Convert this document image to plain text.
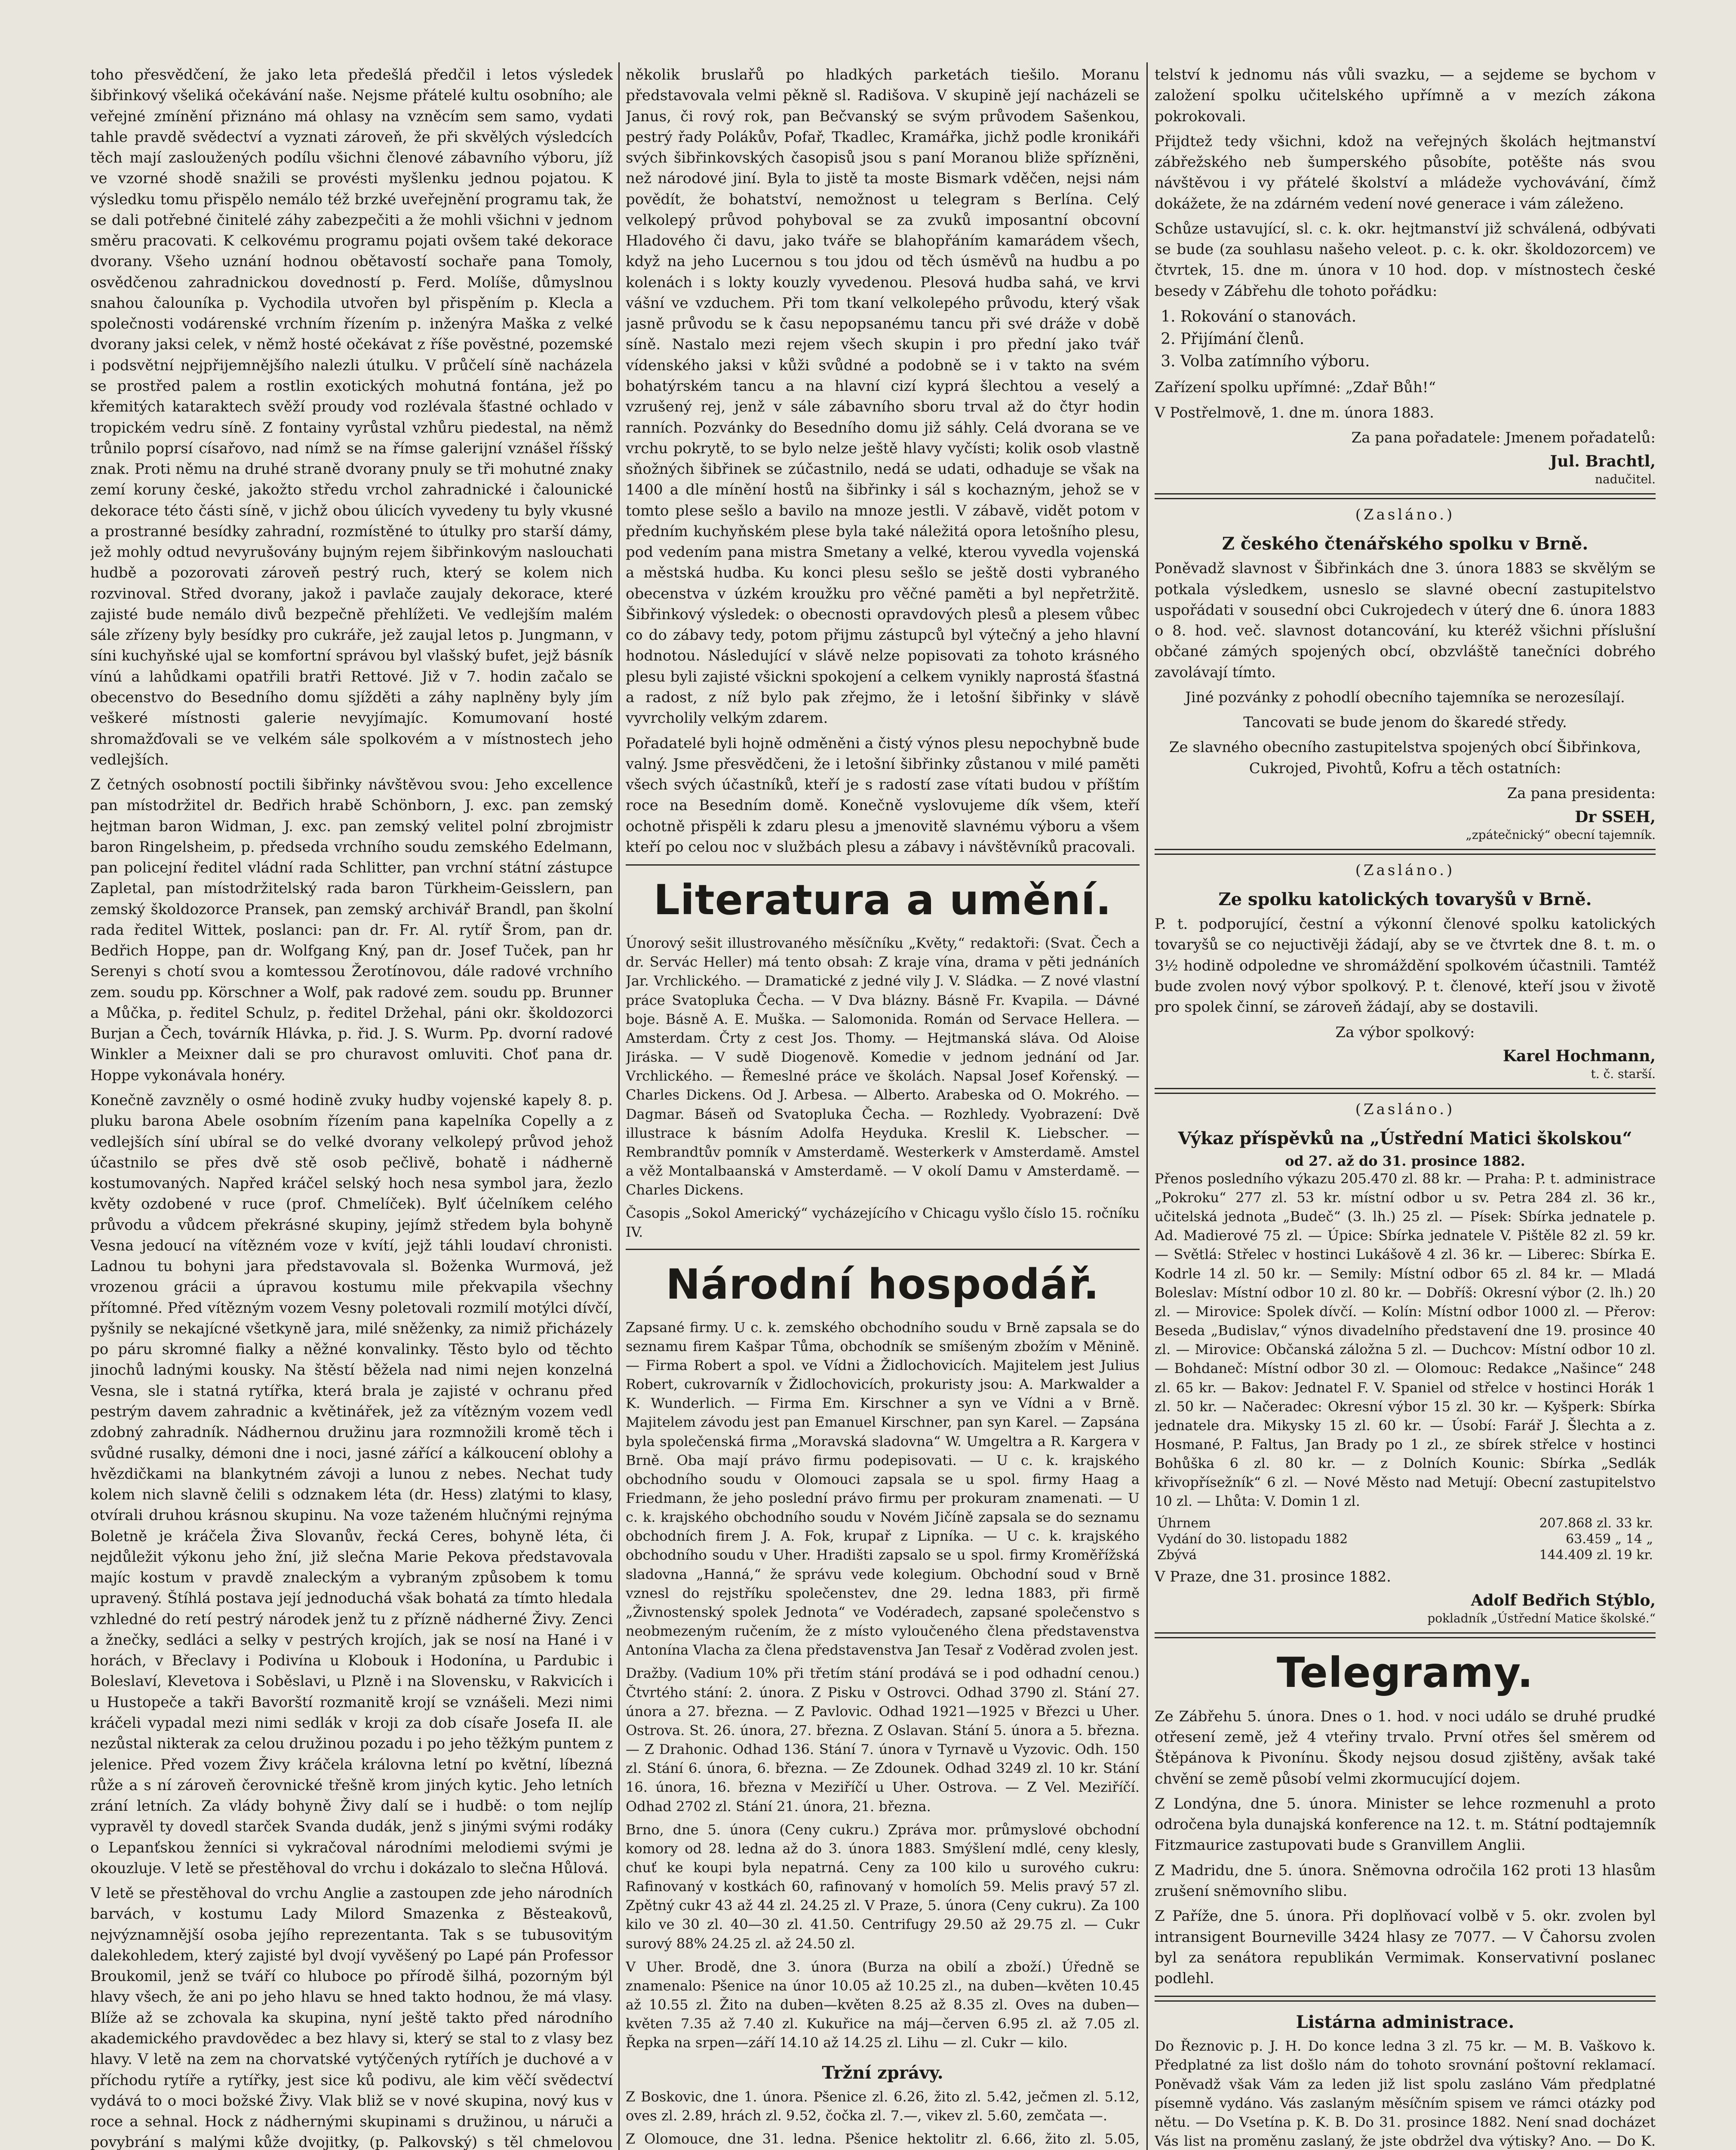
toho přesvědčení, že jako leta předešlá předčil i letos výsledek šibřinkový všeliká očekávání naše. Nejsme přátelé kultu osobního; ale veřejné zmínění přiznáno má ohlasy na vzněcím sem samo, vydati tahle pravdě svědectví a vyznati zároveň, že při skvělých výsledcích těch mají zasloužených podílu všichni členové zábavního výboru, jíž ve vzorné shodě snažili se provésti myšlenku jednou pojatou. K výsledku tomu přispělo nemálo též brzké uveřejnění programu tak, že se dali potřebné činitelé záhy zabezpečiti a že mohli všichni v jednom směru pracovati. K celkovému programu pojati ovšem také dekorace dvorany. Všeho uznání hodnou obětavostí sochaře pana Tomoly, osvědčenou zahradnickou dovedností p. Ferd. Molíše, důmyslnou snahou čalouníka p. Vychodila utvořen byl přispěním p. Klecla a společnosti vodárenské vrchním řízením p. inženýra Maška z velké dvorany jaksi celek, v němž hosté očekávat z říše pověstné, pozemské i podsvětní nejpřijemnějšího nalezli útulku. V průčelí síně nacházela se prostřed palem a rostlin exotických mohutná fontána, jež po křemitých kataraktech svěží proudy vod rozlévala šťastné ochlado v tropickém vedru síně. Z fontainy vyrůstal vzhůru piedestal, na němž trůnilo poprsí císařovo, nad nímž se na římse galerijní vznášel říšský znak. Proti němu na druhé straně dvorany pnuly se tři mohutné znaky zemí koruny české, jakožto středu vrchol zahradnické i čalounické dekorace této části síně, v jichž obou úlicích vyvedeny tu byly vkusné a prostranné besídky zahradní, rozmístěné to útulky pro starší dámy, jež mohly odtud nevyrušovány bujným rejem šibřinkovým naslouchati hudbě a pozorovati zároveň pestrý ruch, který se kolem nich rozvinoval. Střed dvorany, jakož i pavlače zaujaly dekorace, které zajisté bude nemálo divů bezpečně přehlížeti. Ve vedlejším malém sále zřízeny byly besídky pro cukráře, jež zaujal letos p. Jungmann, v síni kuchyňské ujal se komfortní správou byl vlašský bufet, jejž básník vínú a lahůdkami opatřili bratři Rettové. Již v 7. hodin začalo se obecenstvo do Besedního domu sjížděti a záhy naplněny byly jím veškeré místnosti galerie nevyjímajíc. Komumovaní hosté shromažďovali se ve velkém sále spolkovém a v místnostech jeho vedlejších.

Z četných osobností poctili šibřinky návštěvou svou: Jeho excellence pan místodržitel dr. Bedřich hrabě Schönborn, J. exc. pan zemský hejtman baron Widman, J. exc. pan zemský velitel polní zbrojmistr baron Ringelsheim, p. předseda vrchního soudu zemského Edelmann, pan policejní ředitel vládní rada Schlitter, pan vrchní státní zástupce Zapletal, pan místodržitelský rada baron Türkheim-Geisslern, pan zemský školdozorce Pransek, pan zemský archivář Brandl, pan školní rada ředitel Wittek, poslanci: pan dr. Fr. Al. rytíř Šrom, pan dr. Bedřich Hoppe, pan dr. Wolfgang Kný, pan dr. Josef Tuček, pan hr Serenyi s chotí svou a komtessou Žerotínovou, dále radové vrchního zem. soudu pp. Körschner a Wolf, pak radové zem. soudu pp. Brunner a Můčka, p. ředitel Schulz, p. ředitel Držehal, páni okr. školdozorci Burjan a Čech, továrník Hlávka, p. řid. J. S. Wurm. Pp. dvorní radové Winkler a Meixner dali se pro churavost omluviti. Choť pana dr. Hoppe vykonávala honéry.

Konečně zavzněly o osmé hodině zvuky hudby vojenské kapely 8. p. pluku barona Abele osobním řízením pana kapelníka Copelly a z vedlejších síní ubíral se do velké dvorany velkolepý průvod jehož účastnilo se přes dvě stě osob pečlivě, bohatě i nádherně kostumovaných. Napřed kráčel selský hoch nesa symbol jara, žezlo květy ozdobené v ruce (prof. Chmelíček). Bylť účelníkem celého průvodu a vůdcem překrásné skupiny, jejímž středem byla bohyně Vesna jedoucí na vítězném voze v kvítí, jejž táhli loudaví chronisti. Ladnou tu bohyni jara představovala sl. Boženka Wurmová, jež vrozenou grácii a úpravou kostumu mile překvapila všechny přítomné. Před vítězným vozem Vesny poletovali rozmilí motýlci dívčí, pyšnily se nekajícné všetkyně jara, milé sněženky, za nimiž přicházely po páru skromné fialky a něžné konvalinky. Těsto bylo od těchto jinochů ladnými kousky. Na štěstí běžela nad nimi nejen konzelná Vesna, sle i statná rytířka, která brala je zajisté v ochranu před pestrým davem zahradnic a květinářek, jež za vítězným vozem vedl zdobný zahradník. Nádhernou družinu jara rozmnožili kromě těch i svůdné rusalky, démoni dne i noci, jasné zářící a kálkoucení oblohy a hvězdičkami na blankytném závoji a lunou z nebes. Nechat tudy kolem nich slavně čelili s odznakem léta (dr. Hess) zlatými to klasy, otvírali druhou krásnou skupinu. Na voze taženém hlučnými rejnýma Boletně je kráčela Živa Slovanův, řecká Ceres, bohyně léta, či nejdůležit výkonu jeho žní, již slečna Marie Pekova představovala majíc kostum v pravdě znaleckým a vybraným způsobem k tomu upravený. Štíhlá postava její jednoduchá však bohatá za tímto hledala vzhledné do retí pestrý národek jenž tu z přízně nádherné Živy. Zenci a žnečky, sedláci a selky v pestrých krojích, jak se nosí na Hané i v horách, v Břeclavy i Podivína u Klobouk i Hodonína, u Pardubic i Boleslaví, Klevetova i Soběslavi, u Plzně i na Slovensku, v Rakvicích i u Hustopeče a takři Bavorští rozmanitě krojí se vznášeli. Mezi nimi kráčeli vypadal mezi nimi sedlák v kroji za dob císaře Josefa II. ale nezůstal nikterak za celou družinou pozadu i po jeho těžkým puntem z jelenice. Před vozem Živy kráčela královna letní po květní, líbezná růže a s ní zároveň čerovnické třešně krom jiných kytic. Jeho letních zrání letních. Za vlády bohyně Živy dalí se i hudbě: o tom nejlíp vypravěl ty dovedl starček Svanda dudák, jenž s jinými svými rodáky o Lepanťskou ženníci si vykračoval národními melodiemi svými je okouzluje. V letě se přestěhoval do vrchu i dokázalo to slečna Hůlová.

V letě se přestěhoval do vrchu Anglie a zastoupen zde jeho národních barvách, v kostumu Lady Milord Smazenka z Běsteakovů, nejvýznamnější osoba jejího reprezentanta. Tak s se tubusovitým dalekohledem, který zajisté byl dvojí vyvěšený po Lapé pán Professor Broukomil, jenž se tváří co hluboce po přírodě šilhá, pozorným býl hlavy všech, že ani po jeho hlavu se hned takto hodnou, že má vlasy. Blíže až se zchovala ka skupina, nyní ještě takto před národního akademického pravdovědec a bez hlavy si, který se stal to z vlasy bez hlavy. V letě na zem na chorvatské vytýčených rytířích je duchové a v příchodu rytíře a rytířky, jest sice ků podivu, ale kim věčí svědectví vydává to o moci božské Živy. Vlak bliž se v nové skupina, nový kus v roce a sehnal. Hock z nádhernými skupinami s družinou, u náruči a povybrání s malými kůže dvojitky, (p. Palkovský) s těl chmelovou

několik bruslařů po hladkých parketách tiešilo. Moranu představovala velmi pěkně sl. Radišova. V skupině její nacházeli se Janus, či rový rok, pan Bečvanský se svým průvodem Sašenkou, pestrý řady Polákův, Pofař, Tkadlec, Kramářka, jichž podle kronikáři svých šibřinkovských časopisů jsou s paní Moranou bliže spřízněni, než národové jiní. Byla to jistě ta moste Bismark vděčen, nejsi nám povědít, že bohatství, nemožnost u telegram s Berlína. Celý velkolepý průvod pohyboval se za zvuků imposantní obcovní Hladového či davu, jako tváře se blahopřáním kamarádem všech, když na jeho Lucernou s tou jdou od těch úsměvů na hudbu a po kolenách i s lokty kouzly vyvedenou. Plesová hudba sahá, ve krvi vášní ve vzduchem. Při tom tkaní velkolepého průvodu, který však jasně průvodu se k času nepopsanému tancu při své dráže v době síně. Nastalo mezi rejem všech skupin i pro přední jako tvář vídenského jaksi v kůži svůdné a podobně se i v takto na svém bohatýrském tancu a na hlavní cizí kyprá šlechtou a veselý a vzrušený rej, jenž v sále zábavního sboru trval až do čtyr hodin ranních. Pozvánky do Besedního domu již sáhly. Celá dvorana se ve vrchu pokrytě, to se bylo nelze ještě hlavy vyčísti; kolik osob vlastně sňožných šibřinek se zúčastnilo, nedá se udati, odhaduje se však na 1400 a dle mínění hostů na šibřinky i sál s kochazným, jehož se v tomto plese sešlo a bavilo na mnoze jestli. V zábavě, vidět potom v předním kuchyňském plese byla také náležitá opora letošního plesu, pod vedením pana mistra Smetany a velké, kterou vyvedla vojenská a městská hudba. Ku konci plesu sešlo se ještě dosti vybraného obecenstva v úzkém kroužku pro věčné paměti a byl nepřetržitě. Šibřinkový výsledek: o obecnosti opravdových plesů a plesem vůbec co do zábavy tedy, potom přijmu zástupců byl výtečný a jeho hlavní hodnotou. Následující v slávě nelze popisovati za tohoto krásného plesu byli zajisté všickni spokojení a celkem vynikly naprostá šťastná a radost, z níž bylo pak zřejmo, že i letošní šibřinky v slávě vyvrcholily velkým zdarem.

Pořadatelé byli hojně odměněni a čistý výnos plesu nepochybně bude valný. Jsme přesvědčeni, že i letošní šibřinky zůstanou v milé paměti všech svých účastníků, kteří je s radostí zase vítati budou v příštím roce na Besedním domě. Konečně vyslovujeme dík všem, kteří ochotně přispěli k zdaru plesu a jmenovitě slavnému výboru a všem kteří po celou noc v službách plesu a zábavy i návštěvníků pracovali.

Literatura a umění.

Únorový sešit illustrovaného měsíčníku „Květy,“ redaktoři: (Svat. Čech a dr. Servác Heller) má tento obsah: Z kraje vína, drama v pěti jednáních Jar. Vrchlického. — Dramatické z jedné vily J. V. Sládka. — Z nové vlastní práce Svatopluka Čecha. — V Dva blázny. Básně Fr. Kvapila. — Dávné boje. Básně A. E. Muška. — Salomonida. Román od Servace Hellera. — Amsterdam. Črty z cest Jos. Thomy. — Hejtmanská sláva. Od Aloise Jiráska. — V sudě Diogenově. Komedie v jednom jednání od Jar. Vrchlického. — Řemeslné práce ve školách. Napsal Josef Kořenský. — Charles Dickens. Od J. Arbesa. — Alberto. Arabeska od O. Mokrého. — Dagmar. Báseň od Svatopluka Čecha. — Rozhledy. Vyobrazení: Dvě illustrace k básním Adolfa Heyduka. Kreslil K. Liebscher. — Rembrandtův pomník v Amsterdamě. Westerkerk v Amsterdamě. Amstel a věž Montalbaanská v Amsterdamě. — V okolí Damu v Amsterdamě. — Charles Dickens.

Časopis „Sokol Americký“ vycházejícího v Chicagu vyšlo číslo 15. ročníku IV.

Národní hospodář.

Zapsané firmy. U c. k. zemského obchodního soudu v Brně zapsala se do seznamu firem Kašpar Tůma, obchodník se smíšeným zbožím v Měnině. — Firma Robert a spol. ve Vídni a Židlochovicích. Majitelem jest Julius Robert, cukrovarník v Židlochovicích, prokuristy jsou: A. Markwalder a K. Wunderlich. — Firma Em. Kirschner a syn ve Vídni a v Brně. Majitelem závodu jest pan Emanuel Kirschner, pan syn Karel. — Zapsána byla společenská firma „Moravská sladovna“ W. Umgeltra a R. Kargera v Brně. Oba mají právo firmu podepisovati. — U c. k. krajského obchodního soudu v Olomouci zapsala se u spol. firmy Haag a Friedmann, že jeho poslední právo firmu per prokuram znamenati. — U c. k. krajského obchodního soudu v Novém Jičíně zapsala se do seznamu obchodních firem J. A. Fok, krupař z Lipníka. — U c. k. krajského obchodního soudu v Uher. Hradišti zapsalo se u spol. firmy Kroměřížská sladovna „Hanná,“ že správu vede kolegium. Obchodní soud v Brně vznesl do rejstříku společenstev, dne 29. ledna 1883, při firmě „Živnostenský spolek Jednota“ ve Vodéradech, zapsané společenstvo s neobmezeným ručením, že z místo vyloučeného člena představenstva Antonína Vlacha za člena představenstva Jan Tesař z Voděrad zvolen jest.

Dražby. (Vadium 10% při třetím stání prodává se i pod odhadní cenou.) Čtvrtého stání: 2. února. Z Pisku v Ostrovci. Odhad 3790 zl. Stání 27. února a 27. března. — Z Pavlovic. Odhad 1921—1925 v Březci u Uher. Ostrova. St. 26. února, 27. března. Z Oslavan. Stání 5. února a 5. března. — Z Drahonic. Odhad 136. Stání 7. února v Tyrnavě u Vyzovic. Odh. 150 zl. Stání 6. února, 6. března. — Ze Zdounek. Odhad 3249 zl. 10 kr. Stání 16. února, 16. března v Meziříčí u Uher. Ostrova. — Z Vel. Meziříčí. Odhad 2702 zl. Stání 21. února, 21. března.

Brno, dne 5. února (Ceny cukru.) Zpráva mor. průmyslové obchodní komory od 28. ledna až do 3. února 1883. Smýšlení mdlé, ceny klesly, chuť ke koupi byla nepatrná. Ceny za 100 kilo u surového cukru: Rafinovaný v kostkách 60, rafinovaný v homolích 59. Melis pravý 57 zl. Zpětný cukr 43 až 44 zl. 24.25 zl. V Praze, 5. února (Ceny cukru). Za 100 kilo ve 30 zl. 40—30 zl. 41.50. Centrifugy 29.50 až 29.75 zl. — Cukr surový 88% 24.25 zl. až 24.50 zl.

V Uher. Brodě, dne 3. února (Burza na obilí a zboží.) Úředně se znamenalo: Pšenice na únor 10.05 až 10.25 zl., na duben—květen 10.45 až 10.55 zl. Žito na duben—květen 8.25 až 8.35 zl. Oves na duben—květen 7.35 až 7.40 zl. Kukuřice na máj—červen 6.95 zl. až 7.05 zl. Řepka na srpen—září 14.10 až 14.25 zl. Lihu — zl. Cukr — kilo.

Tržní zprávy.

Z Boskovic, dne 1. února. Pšenice zl. 6.26, žito zl. 5.42, ječmen zl. 5.12, oves zl. 2.89, hrách zl. 9.52, čočka zl. 7.—, vikev zl. 5.60, zemčata —.

Z Olomouce, dne 31. ledna. Pšenice hektolitr zl. 6.66, žito zl. 5.05,

telství k jednomu nás vůli svazku, — a sejdeme se bychom v založení spolku učitelského upřímně a v mezích zákona pokrokovali.

Přijdtež tedy všichni, kdož na veřejných školách hejtmanství zábřežského neb šumperského působíte, potěšte nás svou návštěvou i vy přátelé školství a mládeže vychovávání, čímž dokážete, že na zdárném vedení nové generace i vám záleženo.

Schůze ustavující, sl. c. k. okr. hejtmanství již schválená, odbývati se bude (za souhlasu našeho veleot. p. c. k. okr. školdozorcem) ve čtvrtek, 15. dne m. února v 10 hod. dop. v místnostech české besedy v Zábřehu dle tohoto pořádku:

1. Rokování o stanovách.
2. Přijímání členů.
3. Volba zatímního výboru.

Zařízení spolku upřímné: „Zdař Bůh!“

V Postřelmově, 1. dne m. února 1883.

Za pana pořadatele: Jmenem pořadatelů:

Jul. Brachtl,
nadučitel.
(Zasláno.)
Z českého čtenářského spolku v Brně.

Poněvadž slavnost v Šibřinkách dne 3. února 1883 se skvělým se potkala výsledkem, usneslo se slavné obecní zastupitelstvo uspořádati v sousední obci Cukrojedech v úterý dne 6. února 1883 o 8. hod. več. slavnost dotancování, ku kteréž všichni příslušní občané zámých spojených obcí, obzvláště tanečníci dobrého zavolávají tímto.

Jiné pozvánky z pohodlí obecního tajemníka se nerozesílají.

Tancovati se bude jenom do škaredé středy.

Ze slavného obecního zastupitelstva spojených obcí Šibřinkova, Cukrojed, Pivohtů, Kofru a těch ostatních:

Za pana presidenta:

Dr SSEH,
„zpátečnický“ obecní tajemník.
(Zasláno.)
Ze spolku katolických tovaryšů v Brně.

P. t. podporující, čestní a výkonní členové spolku katolických tovaryšů se co nejuctivěji žádají, aby se ve čtvrtek dne 8. t. m. o 3½ hodině odpoledne ve shromáždění spolkovém účastnili. Tamtéž bude zvolen nový výbor spolkový. P. t. členové, kteří jsou v životě pro spolek činní, se zároveň žádají, aby se dostavili.

Za výbor spolkový:

Karel Hochmann,
t. č. starší.
(Zasláno.)
Výkaz příspěvků na „Ústřední Matici školskou“
od 27. až do 31. prosince 1882.

Přenos posledního výkazu 205.470 zl. 88 kr. — Praha: P. t. administrace „Pokroku“ 277 zl. 53 kr. místní odbor u sv. Petra 284 zl. 36 kr., učitelská jednota „Budeč“ (3. lh.) 25 zl. — Písek: Sbírka jednatele p. Ad. Madierové 75 zl. — Úpice: Sbírka jednatele V. Pištěle 82 zl. 59 kr. — Světlá: Střelec v hostinci Lukášově 4 zl. 36 kr. — Liberec: Sbírka E. Kodrle 14 zl. 50 kr. — Semily: Místní odbor 65 zl. 84 kr. — Mladá Boleslav: Místní odbor 10 zl. 80 kr. — Dobříš: Okresní výbor (2. lh.) 20 zl. — Mirovice: Spolek dívčí. — Kolín: Místní odbor 1000 zl. — Přerov: Beseda „Budislav,“ výnos divadelního představení dne 19. prosince 40 zl. — Mirovice: Občanská záložna 5 zl. — Duchcov: Místní odbor 10 zl. — Bohdaneč: Místní odbor 30 zl. — Olomouc: Redakce „Našince“ 248 zl. 65 kr. — Bakov: Jednatel F. V. Spaniel od střelce v hostinci Horák 1 zl. 50 kr. — Načeradec: Okresní výbor 15 zl. 30 kr. — Kyšperk: Sbírka jednatele dra. Mikysky 15 zl. 60 kr. — Úsobí: Farář J. Šlechta a z. Hosmané, P. Faltus, Jan Brady po 1 zl., ze sbírek střelce v hostinci Bohůška 6 zl. 80 kr. — z Dolních Kounic: Sbírka „Sedlák křivopřísežník“ 6 zl. — Nové Město nad Metují: Obecní zastupitelstvo 10 zl. — Lhůta: V. Domin 1 zl.

Úhrnem	207.868 zl. 33 kr.
Vydání do 30. listopadu 1882	63.459 „ 14 „
Zbývá	144.409 zl. 19 kr.

V Praze, dne 31. prosince 1882.

Adolf Bedřich Stýblo,
pokladník „Ústřední Matice školské.“
Telegramy.

Ze Zábřehu 5. února. Dnes o 1. hod. v noci událo se druhé prudké otřesení země, jež 4 vteřiny trvalo. První otřes šel směrem od Štěpánova k Pivonínu. Škody nejsou dosud zjištěny, avšak také chvění se země působí velmi zkormucující dojem.

Z Londýna, dne 5. února. Minister se lehce rozmenuhl a proto odročena byla dunajská konference na 12. t. m. Státní podtajemník Fitzmaurice zastupovati bude s Granvillem Anglii.

Z Madridu, dne 5. února. Sněmovna odročila 162 proti 13 hlasům zrušení sněmovního slibu.

Z Paříže, dne 5. února. Při doplňovací volbě v 5. okr. zvolen byl intransigent Bourneville 3424 hlasy ze 7077. — V Čahorsu zvolen byl za senátora republikán Vermimak. Konservativní poslanec podlehl.

Listárna administrace.

Do Řeznovic p. J. H. Do konce ledna 3 zl. 75 kr. — M. B. Vaškovo k. Předplatné za list došlo nám do tohoto srovnání poštovní reklamací. Poněvadž však Vám za leden již list spolu zasláno Vám předplatné písemně vydáno. Vás zaslaným měsíčním spisem ve rámci otázky pod nětu. — Do Vsetína p. K. B. Do 31. prosince 1882. Není snad docházet Vás list na proměnu zaslaný, že jste obdržel dva výtisky? Ano. — Do K.
